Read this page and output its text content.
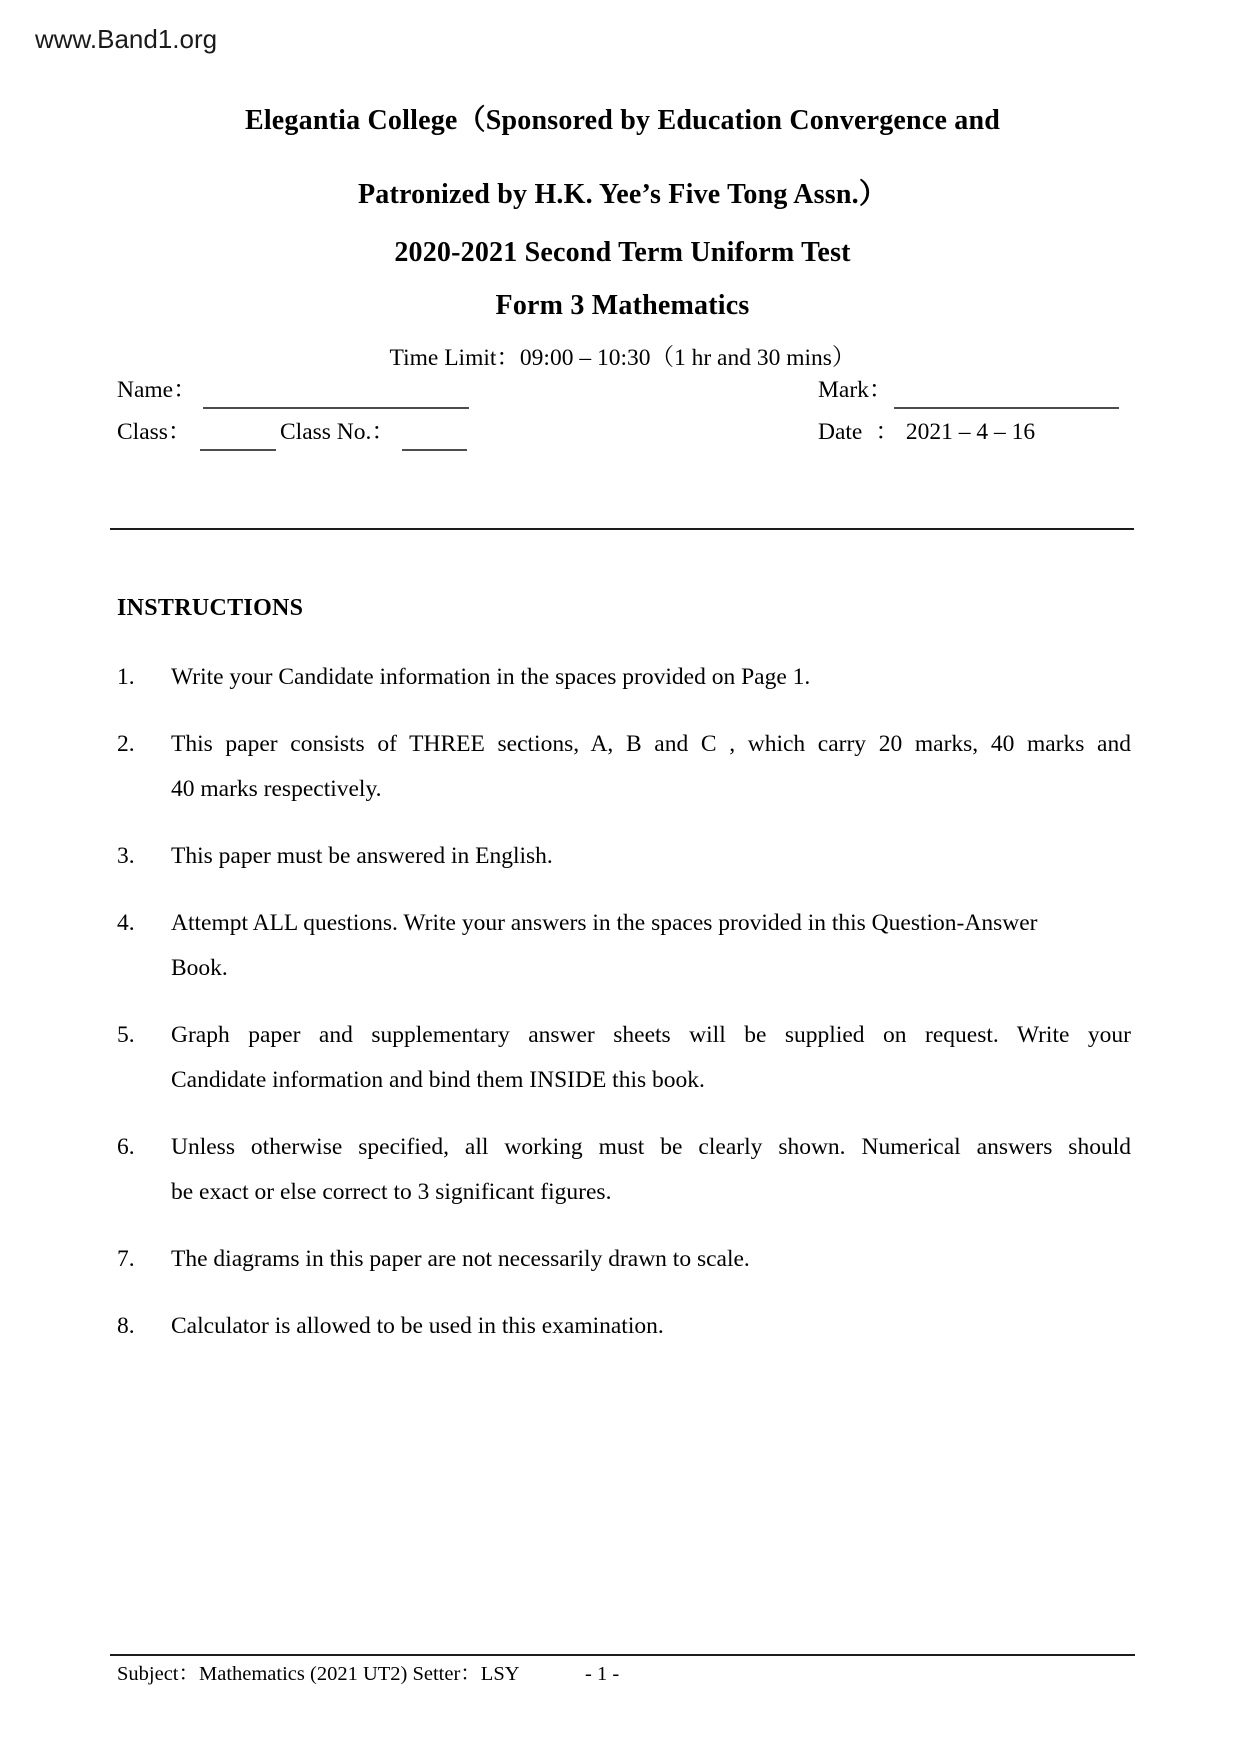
www.Band1.org
Elegantia College（Sponsored by Education Convergence and
Patronized by H.K. Yee’s Five Tong Assn.）
2020-2021 Second Term Uniform Test
Form 3 Mathematics
Time Limit：09:00 – 10:30（1 hr and 30 mins）
Name：	Mark：
Class：	Class No.：	Date ： 2021 – 4 – 16
INSTRUCTIONS
1.	Write your Candidate information in the spaces provided on Page 1.
2.	This paper consists of THREE sections, A, B and C , which carry 20 marks, 40 marks and
40 marks respectively.
3.	This paper must be answered in English.
4.	Attempt ALL questions. Write your answers in the spaces provided in this Question-Answer
Book.
5.	Graph paper and supplementary answer sheets will be supplied on request. Write your
Candidate information and bind them INSIDE this book.
6.	Unless otherwise specified, all working must be clearly shown. Numerical answers should
be exact or else correct to 3 significant figures.
7.	The diagrams in this paper are not necessarily drawn to scale.
8.	Calculator is allowed to be used in this examination.
Subject：Mathematics (2021 UT2) Setter：LSY	- 1 -
